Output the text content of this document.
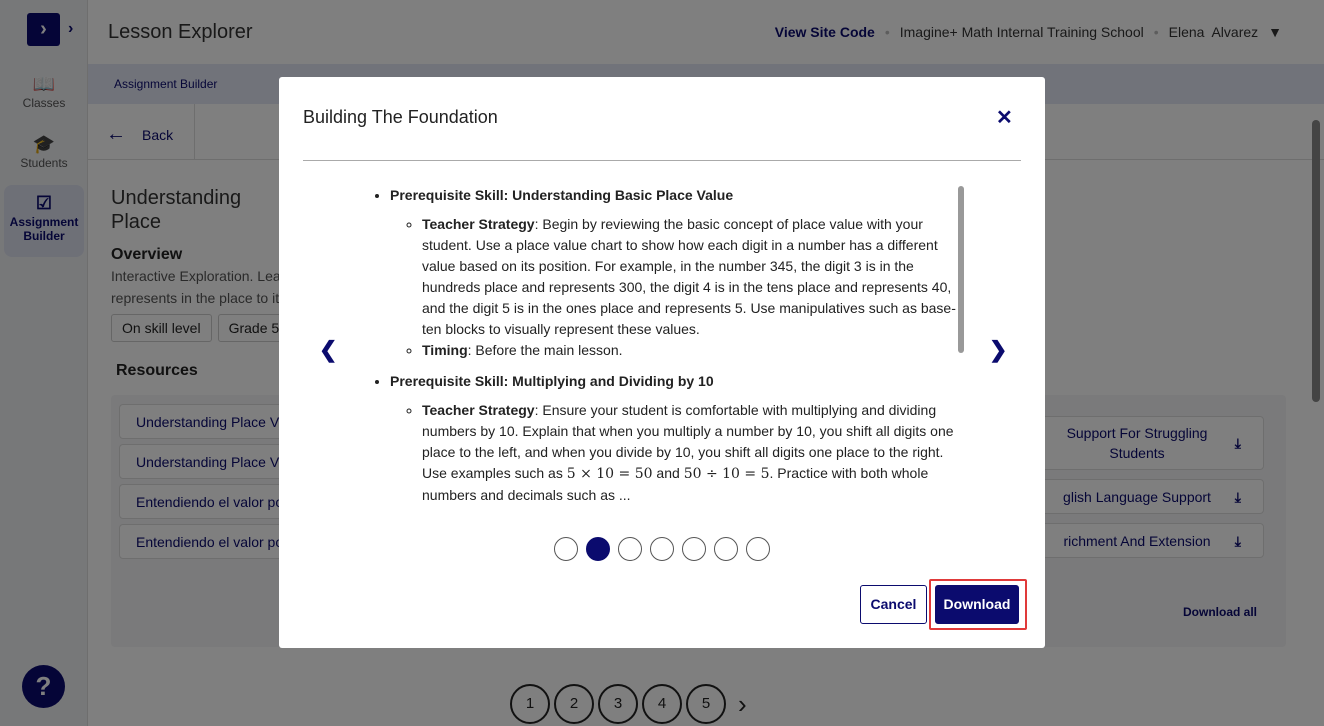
Building The Foundation	✕
❮	❯
• Prerequisite Skill: Understanding Basic Place Value
◦ Teacher Strategy: Begin by reviewing the basic concept of place value with your student. Use a place value chart to show how each digit in a number has a different value based on its position. For example, in the number 345, the digit 3 is in the hundreds place and represents 300, the digit 4 is in the tens place and represents 40, and the digit 5 is in the ones place and represents 5. Use manipulatives such as base-ten blocks to visually represent these values.
◦ Timing: Before the main lesson.
• Prerequisite Skill: Multiplying and Dividing by 10
◦ Teacher Strategy: Ensure your student is comfortable with multiplying and dividing numbers by 10. Explain that when you multiply a number by 10, you shift all digits one place to the left, and when you divide by 10, you shift all digits one place to the right. Use examples such as 5 × 10 = 50 and 50 ÷ 10 = 5. Practice with both whole numbers and decimals such as ...
Cancel	Download
